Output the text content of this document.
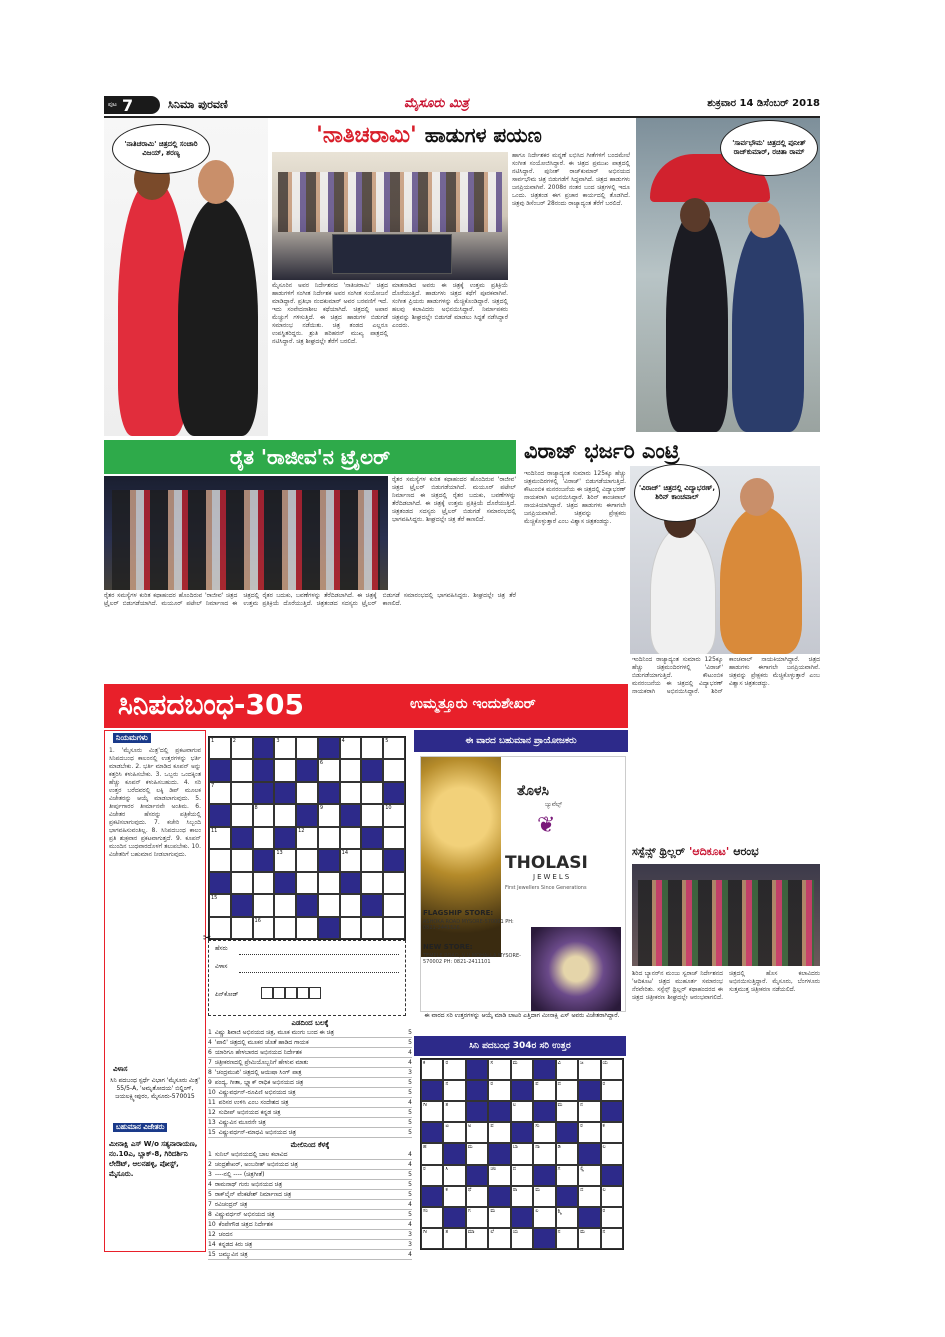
ಪುಟ 7	ಸಿನಿಮಾ ಪುರವಣಿ	ಮೈಸೂರು ಮಿತ್ರ	ಶುಕ್ರವಾರ 14 ಡಿಸೆಂಬರ್ 2018
'ನಾತಿಚರಾಮಿ' ಚಿತ್ರದಲ್ಲಿ ಸಂಚಾರಿ ವಿಜಯ್, ಶರಣ್ಯ
'ನಾತಿಚರಾಮಿ' ಹಾಡುಗಳ ಪಯಣ
ಮೈಸೂರಿನ ಅವರ ನಿರ್ದೇಶನದ 'ನಾತಿಚರಾಮಿ' ಚಿತ್ರದ ಹಾಡುಗಳಿಗೆ ಸಂಗೀತ ನಿರ್ದೇಶಕ ಅವರ ಸಂಗೀತ ಸಂಯೋಜನೆ ಮಾಡಿದ್ದಾರೆ. ಪ್ರತಿಭಾ ನಂದಕುಮಾರ್ ಅವರ ಬರವಣಿಗೆ ಇದೆ. ಇದು ಸಂವೇದನಾಶೀಲ ಕಥೆಯಾಗಿದೆ. ಚಿತ್ರದಲ್ಲಿ ಅಪಾರ ಮೆಚ್ಚುಗೆ ಗಳಿಸುತ್ತಿದೆ. ಈ ಚಿತ್ರದ ಹಾಡುಗಳ ಬಿಡುಗಡೆ ಸಮಾರಂಭ ನಡೆಯಿತು. ಚಿತ್ರ ತಂಡದ ಎಲ್ಲರೂ ಉಪಸ್ಥಿತರಿದ್ದರು. ಶ್ರುತಿ ಹರಿಹರನ್ ಮುಖ್ಯ ಪಾತ್ರದಲ್ಲಿ ನಟಿಸಿದ್ದಾರೆ. ಚಿತ್ರ ಶೀಘ್ರದಲ್ಲೇ ತೆರೆಗೆ ಬರಲಿದೆ.
ಮಾತನಾಡಿದ ಅವರು ಈ ಚಿತ್ರಕ್ಕೆ ಉತ್ತಮ ಪ್ರತಿಕ್ರಿಯೆ ದೊರೆಯುತ್ತಿದೆ. ಹಾಡುಗಳು ಚಿತ್ರದ ಕಥೆಗೆ ಪೂರಕವಾಗಿವೆ. ಸಂಗೀತ ಪ್ರಿಯರು ಹಾಡುಗಳನ್ನು ಮೆಚ್ಚಿಕೊಂಡಿದ್ದಾರೆ. ಚಿತ್ರದಲ್ಲಿ ಹಲವು ಕಲಾವಿದರು ಅಭಿನಯಿಸಿದ್ದಾರೆ. ನಿರ್ಮಾಪಕರು ಚಿತ್ರವನ್ನು ಶೀಘ್ರದಲ್ಲೇ ಬಿಡುಗಡೆ ಮಾಡಲು ಸಿದ್ಧತೆ ನಡೆಸಿದ್ದಾರೆ ಎಂದರು.
ಹಾಗೂ ನಿರ್ದೇಶಕರ ಮನ್ನಣೆ ಲಭಿಸಿದ ಗೀತೆಗಳಿಗೆ ಬಂದಮೇಲೆ ಸಂಗೀತ ಸಂಯೋಜಿಸಿದ್ದಾರೆ. ಈ ಚಿತ್ರದ ಪ್ರಮುಖ ಪಾತ್ರದಲ್ಲಿ ನಟಿಸಿದ್ದಾರೆ. ಪುನೀತ್ ರಾಜ್‌ಕುಮಾರ್ ಅಭಿನಯದ ಸಾರ್ವಭೌಮ ಚಿತ್ರ ಬಿಡುಗಡೆಗೆ ಸಿದ್ಧವಾಗಿದೆ. ಚಿತ್ರದ ಹಾಡುಗಳು ಜನಪ್ರಿಯವಾಗಿವೆ. 2008ರ ನಂತರ ಬಂದ ಚಿತ್ರಗಳಲ್ಲಿ ಇದೂ ಒಂದು. ಚಿತ್ರತಂಡ ಈಗ ಪ್ರಚಾರ ಕಾರ್ಯದಲ್ಲಿ ತೊಡಗಿದೆ. ಚಿತ್ರವು ಡಿಸೆಂಬರ್ 28ರಂದು ರಾಜ್ಯಾದ್ಯಂತ ತೆರೆಗೆ ಬರಲಿದೆ.
'ಸಾರ್ವಭೌಮ' ಚಿತ್ರದಲ್ಲಿ ಪುನೀತ್ ರಾಜ್‌ಕುಮಾರ್, ರಚಿತಾ ರಾಮ್
ರೈತ 'ರಾಜೀವ'ನ ಟ್ರೈಲರ್
ರೈತರ ಸಮಸ್ಯೆಗಳ ಕುರಿತ ಕಥಾಹಂದರ ಹೊಂದಿರುವ 'ರಾಜೀವ' ಚಿತ್ರದ ಟ್ರೈಲರ್ ಬಿಡುಗಡೆಯಾಗಿದೆ. ಮಯೂರ್ ಪಟೇಲ್ ನಿರ್ಮಾಣದ ಈ ಚಿತ್ರದಲ್ಲಿ ರೈತರ ಬದುಕು, ಬವಣೆಗಳನ್ನು ತೆರೆದಿಡಲಾಗಿದೆ. ಈ ಚಿತ್ರಕ್ಕೆ ಉತ್ತಮ ಪ್ರತಿಕ್ರಿಯೆ ದೊರೆಯುತ್ತಿದೆ. ಚಿತ್ರತಂಡದ ಸದಸ್ಯರು ಟ್ರೈಲರ್ ಬಿಡುಗಡೆ ಸಮಾರಂಭದಲ್ಲಿ ಭಾಗವಹಿಸಿದ್ದರು. ಶೀಘ್ರದಲ್ಲೇ ಚಿತ್ರ ತೆರೆ ಕಾಣಲಿದೆ.
ರೈತರ ಸಮಸ್ಯೆಗಳ ಕುರಿತ ಕಥಾಹಂದರ ಹೊಂದಿರುವ 'ರಾಜೀವ' ಚಿತ್ರದ ಟ್ರೈಲರ್ ಬಿಡುಗಡೆಯಾಗಿದೆ. ಮಯೂರ್ ಪಟೇಲ್ ನಿರ್ಮಾಣದ ಈ ಚಿತ್ರದಲ್ಲಿ ರೈತರ ಬದುಕು, ಬವಣೆಗಳನ್ನು ತೆರೆದಿಡಲಾಗಿದೆ. ಈ ಚಿತ್ರಕ್ಕೆ ಉತ್ತಮ ಪ್ರತಿಕ್ರಿಯೆ ದೊರೆಯುತ್ತಿದೆ. ಚಿತ್ರತಂಡದ ಸದಸ್ಯರು ಟ್ರೈಲರ್ ಬಿಡುಗಡೆ ಸಮಾರಂಭದಲ್ಲಿ ಭಾಗವಹಿಸಿದ್ದರು. ಶೀಘ್ರದಲ್ಲೇ ಚಿತ್ರ ತೆರೆ ಕಾಣಲಿದೆ.
ವಿರಾಜ್ ಭರ್ಜರಿ ಎಂಟ್ರಿ
ಇಂದಿನಿಂದ ರಾಜ್ಯಾದ್ಯಂತ ಸುಮಾರು 125ಕ್ಕೂ ಹೆಚ್ಚು ಚಿತ್ರಮಂದಿರಗಳಲ್ಲಿ 'ವಿರಾಜ್' ಬಿಡುಗಡೆಯಾಗುತ್ತಿದೆ. ಕೌಟುಂಬಿಕ ಮನರಂಜನೆಯ ಈ ಚಿತ್ರದಲ್ಲಿ ವಿದ್ಯಾಭರಣ್ ನಾಯಕರಾಗಿ ಅಭಿನಯಿಸಿದ್ದಾರೆ. ಶಿರಿನ್ ಕಾಂಚವಾಲ್ ನಾಯಕಿಯಾಗಿದ್ದಾರೆ. ಚಿತ್ರದ ಹಾಡುಗಳು ಈಗಾಗಲೇ ಜನಪ್ರಿಯವಾಗಿವೆ. ಚಿತ್ರವನ್ನು ಪ್ರೇಕ್ಷಕರು ಮೆಚ್ಚಿಕೊಳ್ಳುತ್ತಾರೆ ಎಂಬ ವಿಶ್ವಾಸ ಚಿತ್ರತಂಡದ್ದು.
'ವಿರಾಜ್' ಚಿತ್ರದಲ್ಲಿ ವಿದ್ಯಾಭರಣ್, ಶಿರಿನ್ ಕಾಂಚವಾಲ್
ಇಂದಿನಿಂದ ರಾಜ್ಯಾದ್ಯಂತ ಸುಮಾರು 125ಕ್ಕೂ ಹೆಚ್ಚು ಚಿತ್ರಮಂದಿರಗಳಲ್ಲಿ 'ವಿರಾಜ್' ಬಿಡುಗಡೆಯಾಗುತ್ತಿದೆ. ಕೌಟುಂಬಿಕ ಮನರಂಜನೆಯ ಈ ಚಿತ್ರದಲ್ಲಿ ವಿದ್ಯಾಭರಣ್ ನಾಯಕರಾಗಿ ಅಭಿನಯಿಸಿದ್ದಾರೆ. ಶಿರಿನ್ ಕಾಂಚವಾಲ್ ನಾಯಕಿಯಾಗಿದ್ದಾರೆ. ಚಿತ್ರದ ಹಾಡುಗಳು ಈಗಾಗಲೇ ಜನಪ್ರಿಯವಾಗಿವೆ. ಚಿತ್ರವನ್ನು ಪ್ರೇಕ್ಷಕರು ಮೆಚ್ಚಿಕೊಳ್ಳುತ್ತಾರೆ ಎಂಬ ವಿಶ್ವಾಸ ಚಿತ್ರತಂಡದ್ದು.
ಸಸ್ಪೆನ್ಸ್ ಥ್ರಿಲ್ಲರ್ 'ಆದಿಕೂಟ' ಆರಂಭ
ಶಿರಿದ ಬ್ಯಾನರ್‌ನ ಮಂಜು ಸ್ವರಾಜ್ ನಿರ್ದೇಶನದ 'ಆದಿಕೂಟ' ಚಿತ್ರದ ಮುಹೂರ್ತ ಸಮಾರಂಭ ನೆರವೇರಿತು. ಸಸ್ಪೆನ್ಸ್ ಥ್ರಿಲ್ಲರ್ ಕಥಾಹಂದರದ ಈ ಚಿತ್ರದ ಚಿತ್ರೀಕರಣ ಶೀಘ್ರದಲ್ಲೇ ಆರಂಭವಾಗಲಿದೆ. ಚಿತ್ರದಲ್ಲಿ ಹೊಸ ಕಲಾವಿದರು ಅಭಿನಯಿಸುತ್ತಿದ್ದಾರೆ. ಮೈಸೂರು, ಬೆಂಗಳೂರು ಸುತ್ತಮುತ್ತ ಚಿತ್ರೀಕರಣ ನಡೆಯಲಿದೆ.
ಸಿನಿಪದಬಂಧ-305	ಉಮ್ಮತ್ತೂರು ಇಂದುಶೇಖರ್
ನಿಯಮಗಳು
1. 'ಮೈಸೂರು ಮಿತ್ರ'ದಲ್ಲಿ ಪ್ರಕಟವಾಗುವ ಸಿನಿಪದಬಂಧ ಕಾಲಂನಲ್ಲಿ ಉತ್ತರಗಳನ್ನು ಭರ್ತಿ ಮಾಡಬೇಕು. 2. ಭರ್ತಿ ಮಾಡಿದ ಕೂಪನ್ ಅನ್ನು ಕತ್ತರಿಸಿ ಕಳುಹಿಸಬೇಕು. 3. ಒಬ್ಬರು ಒಂದಕ್ಕಿಂತ ಹೆಚ್ಚು ಕೂಪನ್ ಕಳುಹಿಸಬಹುದು. 4. ಸರಿ ಉತ್ತರ ಬರೆದವರಲ್ಲಿ ಲಕ್ಕಿ ಡಿಪ್ ಮೂಲಕ ವಿಜೇತರನ್ನು ಆಯ್ಕೆ ಮಾಡಲಾಗುವುದು. 5. ತೀರ್ಪುಗಾರರ ತೀರ್ಮಾನವೇ ಅಂತಿಮ. 6. ವಿಜೇತರ ಹೆಸರನ್ನು ಪತ್ರಿಕೆಯಲ್ಲಿ ಪ್ರಕಟಿಸಲಾಗುವುದು. 7. ಕಚೇರಿ ಸಿಬ್ಬಂದಿ ಭಾಗವಹಿಸುವಂತಿಲ್ಲ. 8. ಸಿನಿಪದಬಂಧ ಕಾಲಂ ಪ್ರತಿ ಶುಕ್ರವಾರ ಪ್ರಕಟವಾಗುತ್ತದೆ. 9. ಕೂಪನ್ ಮುಂದಿನ ಬುಧವಾರದೊಳಗೆ ತಲುಪಬೇಕು. 10. ವಿಜೇತರಿಗೆ ಬಹುಮಾನ ನೀಡಲಾಗುವುದು.
ವಿಳಾಸ
ಸಿನಿ ಪದಬಂಧ ಸ್ಪರ್ಧೆ ವಿಭಾಗ 'ಮೈಸೂರು ಮಿತ್ರ' 55/5-A, 'ಅಮೃತೋದಯ' ಬಿಲ್ಡಿಂಗ್, ಜಯಲಕ್ಷ್ಮೀಪುರಂ, ಮೈಸೂರು-570015
ಬಹುಮಾನ ವಿಜೇತರು
ಮೀನಾಕ್ಷಿ ಎಸ್ W/o ಸತ್ಯನಾರಾಯಣ, ನಂ.10ಎ, ಬ್ಲಾಕ್-8, ಗಿರಿದರ್ಶಿನಿ ಲೇಔಟ್, ಆಲನಹಳ್ಳಿ, ಪೋಸ್ಟ್, ಮೈಸೂರು.
1	2	3	4	5
6
7
8	9	10
11	12
13	14
15
16
✂
ಹೆಸರು
ವಿಳಾಸ
ಪಿನ್‌ಕೋಡ್
ಎಡದಿಂದ ಬಲಕ್ಕೆ
1 ವಿಷ್ಣು ಶಿವಾಜಿ ಅಭಿನಯದ ಚಿತ್ರ, ಮೂಕ ಮಂಗು ಬಂದ ಈ ಚಿತ್ರ	5
4 'ಪಾಲಿ' ಚಿತ್ರದಲ್ಲಿ ಮೂಕರ ಜೊತೆ ಹಾಡಿದ ಗಾಯಕ	5
6 ಯಾರಿಗೂ ಹೇಳಬಾರದ ಅಭಿನಯದ ನಿರ್ದೇಶಕ	4
7 ಚಿತ್ರೀಕರಣದಲ್ಲಿ ಪ್ರೇಮಿಯೊಬ್ಬನಿಗೆ ಹೇಳುವ ಮಾತು	4
8 'ಚಂದ್ರಮುಖಿ' ಚಿತ್ರದಲ್ಲಿ ಆಯಿಷಾ ಸಿಂಗ್ ಪಾತ್ರ	3
9 ಪಂದ್ಯ, ಗೀತಾ, ಬ್ಲ್ಯಾಕ್ ರಾಧಿಕ ಅಭಿನಯದ ಚಿತ್ರ	5
10 ವಿಷ್ಣುವರ್ಧನ್-ರೂಪಿಣಿ ಅಭಿನಯದ ಚಿತ್ರ	5
11 ಪರಿಸರ ಉಳಿಸಿ ಎಂಬ ಸಂದೇಶದ ಚಿತ್ರ	4
12 ಸುದೀಪ್ ಅಭಿನಯದ ಕನ್ನಡ ಚಿತ್ರ	5
13 ವಿಷ್ಣುವಿನ ಮೂರನೇ ಚಿತ್ರ	5
15 ವಿಷ್ಣುವರ್ಧನ್-ಮಾಧವಿ ಅಭಿನಯದ ಚಿತ್ರ	5
ಮೇಲಿನಿಂದ ಕೆಳಕ್ಕೆ
1 ಸುನಿಲ್ ಅಭಿನಯದಲ್ಲಿ ಬಾಲ ಕಲಾವಿದ	4
2 ಚಂದ್ರಶೇಖರ್, ಅಂಬರೀಶ್ ಅಭಿನಯದ ಚಿತ್ರ	4
3 ----ನಲ್ಲಿ ---- (ಚಿತ್ರಗೀತೆ)	5
4 ರಾಮನಾಥ್ ಗುರು ಅಭಿನಯದ ಚಿತ್ರ	5
5 ರಾಕ್‌ಲೈನ್ ವೆಂಕಟೇಶ್ ನಿರ್ಮಾಣದ ಚಿತ್ರ	5
7 ರವಿಚಂದ್ರನ್ ಚಿತ್ರ	4
8 ವಿಷ್ಣುವರ್ಧನ್ ಅಭಿನಯದ ಚಿತ್ರ	5
10 ಕೆಂಪೇಗೌಡ ಚಿತ್ರದ ನಿರ್ದೇಶಕ	4
12 ಚಂದನ	3
14 ಕನ್ನಡದ ಕಿರು ಚಿತ್ರ	3
15 ಜಮ್ಮುವಿನ ಚಿತ್ರ	4
ಈ ವಾರದ ಬಹುಮಾನ ಪ್ರಾಯೋಜಕರು
ತೊಳಸಿ
ಜ್ಯುವೆಲ್ಸ್
❦
THOLASI
JEWELS
First Jewellers Since Generations
FLAGSHIP STORE:
ASHOKA ROAD MYSORE-570001 PH: 0821-2441526
NEW STORE:
TEMPLE ROAD, V V MOHALLA MYSORE-570002 PH: 0821-2411101
ಈ ವಾರದ ಸರಿ ಉತ್ತರಗಳನ್ನು ಆಯ್ಕೆ ಮಾಡಿ ಲಾಟರಿ ಎತ್ತಿದಾಗ ಮೀನಾಕ್ಷಿ ಎಸ್ ಅವರು ವಿಜೇತರಾಗಿದ್ದಾರೆ.
ಸಿನಿ ಪದಬಂಧ 304ರ ಸರಿ ಉತ್ತರ
ಕ	ರ	ಸ	ಮ	ವಿ	ಜ	ಯ
ನ	ರ	ಪ	ದ	ರ
ಗೀ	ತ	ಲ	ಮ	ನ
ಟ	ಅ	ಪ	ಸು	ರ	ಕ
ಹ	ಮ	ಬಾ	ನಾ	ಡಿ	ಲ
ರ	ಸಿ	ಚಂ	ದ	ಗ	ಲ್ಲಿ
ಕ	ಥೆ	ರಾ	ಮ	ದ	ಲ
ಸಂ	ಗ	ಮ	ಲ	ಕ್ಷ್ಮಿ	ರ
ಗೀ	ತ	ಮಾ	ಲೆ	ಯ	ನ	ಮ	ನ
